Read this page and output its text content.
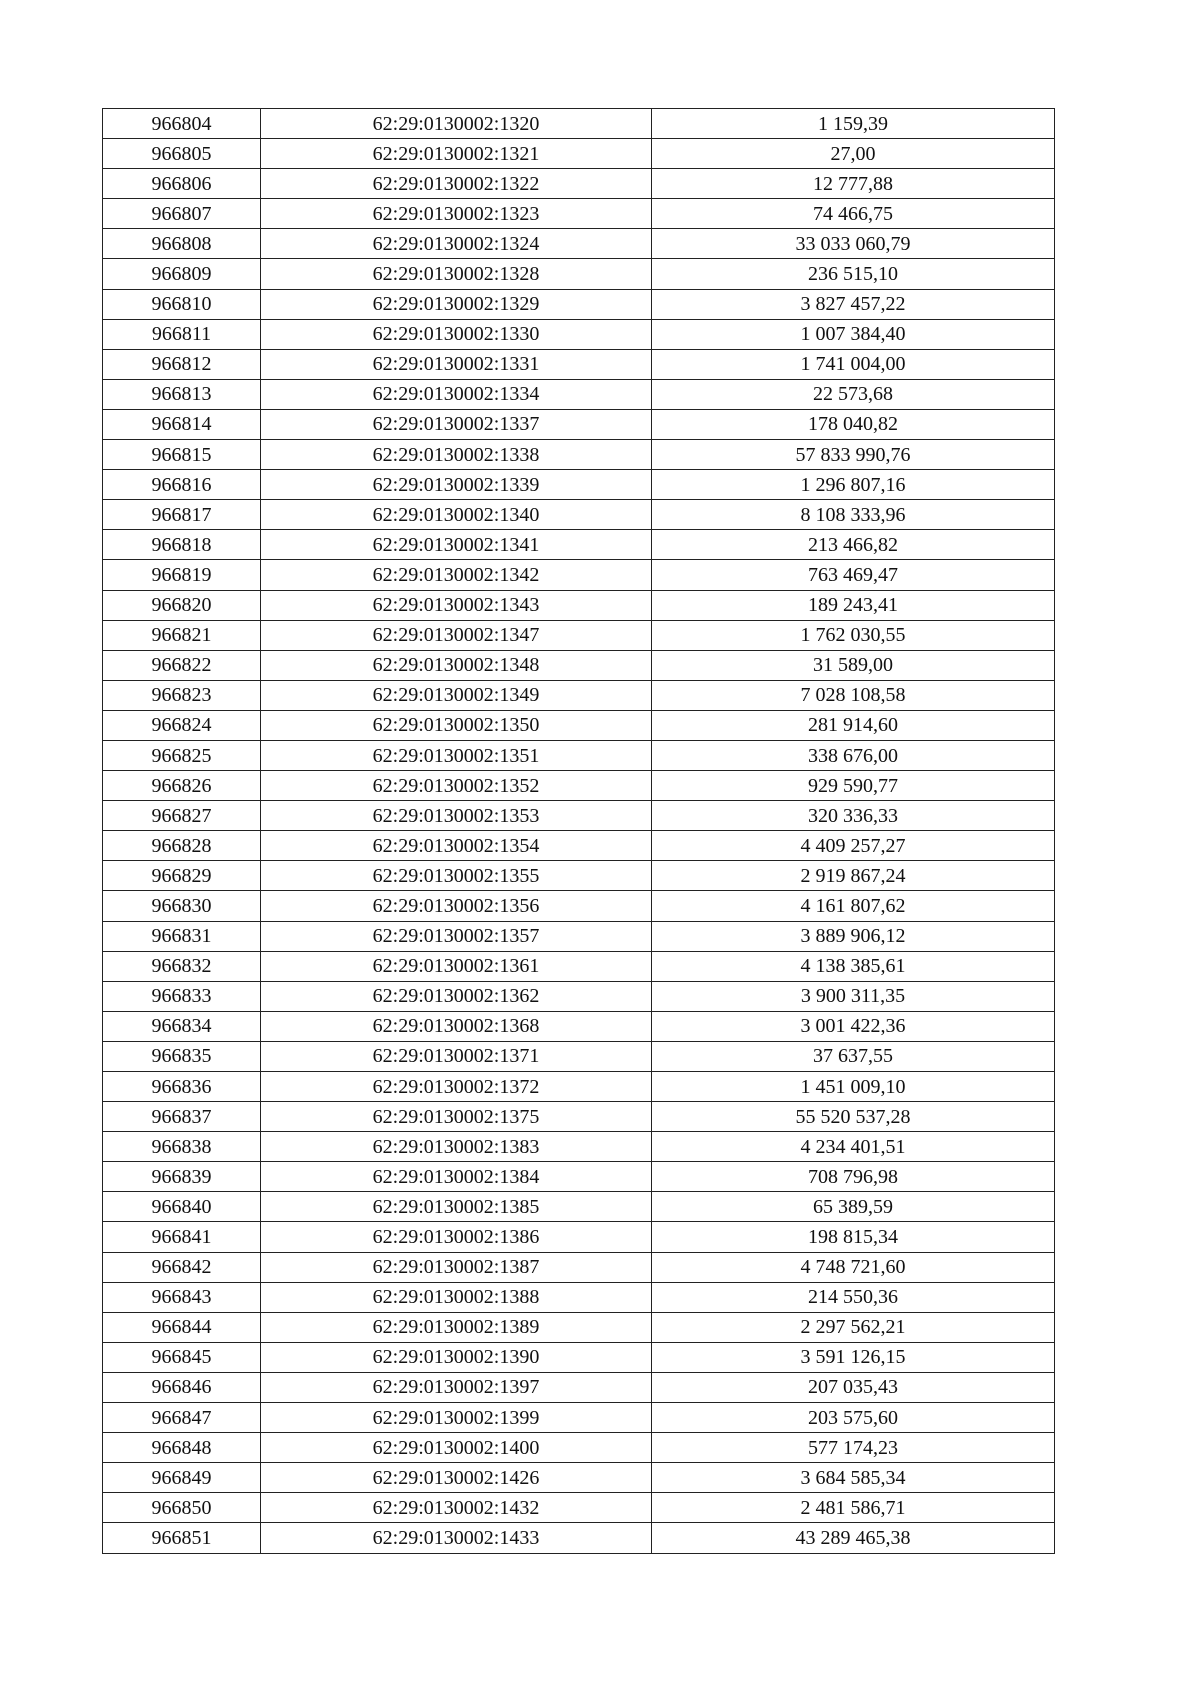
966804	62:29:0130002:1320	1 159,39
966805	62:29:0130002:1321	27,00
966806	62:29:0130002:1322	12 777,88
966807	62:29:0130002:1323	74 466,75
966808	62:29:0130002:1324	33 033 060,79
966809	62:29:0130002:1328	236 515,10
966810	62:29:0130002:1329	3 827 457,22
966811	62:29:0130002:1330	1 007 384,40
966812	62:29:0130002:1331	1 741 004,00
966813	62:29:0130002:1334	22 573,68
966814	62:29:0130002:1337	178 040,82
966815	62:29:0130002:1338	57 833 990,76
966816	62:29:0130002:1339	1 296 807,16
966817	62:29:0130002:1340	8 108 333,96
966818	62:29:0130002:1341	213 466,82
966819	62:29:0130002:1342	763 469,47
966820	62:29:0130002:1343	189 243,41
966821	62:29:0130002:1347	1 762 030,55
966822	62:29:0130002:1348	31 589,00
966823	62:29:0130002:1349	7 028 108,58
966824	62:29:0130002:1350	281 914,60
966825	62:29:0130002:1351	338 676,00
966826	62:29:0130002:1352	929 590,77
966827	62:29:0130002:1353	320 336,33
966828	62:29:0130002:1354	4 409 257,27
966829	62:29:0130002:1355	2 919 867,24
966830	62:29:0130002:1356	4 161 807,62
966831	62:29:0130002:1357	3 889 906,12
966832	62:29:0130002:1361	4 138 385,61
966833	62:29:0130002:1362	3 900 311,35
966834	62:29:0130002:1368	3 001 422,36
966835	62:29:0130002:1371	37 637,55
966836	62:29:0130002:1372	1 451 009,10
966837	62:29:0130002:1375	55 520 537,28
966838	62:29:0130002:1383	4 234 401,51
966839	62:29:0130002:1384	708 796,98
966840	62:29:0130002:1385	65 389,59
966841	62:29:0130002:1386	198 815,34
966842	62:29:0130002:1387	4 748 721,60
966843	62:29:0130002:1388	214 550,36
966844	62:29:0130002:1389	2 297 562,21
966845	62:29:0130002:1390	3 591 126,15
966846	62:29:0130002:1397	207 035,43
966847	62:29:0130002:1399	203 575,60
966848	62:29:0130002:1400	577 174,23
966849	62:29:0130002:1426	3 684 585,34
966850	62:29:0130002:1432	2 481 586,71
966851	62:29:0130002:1433	43 289 465,38
